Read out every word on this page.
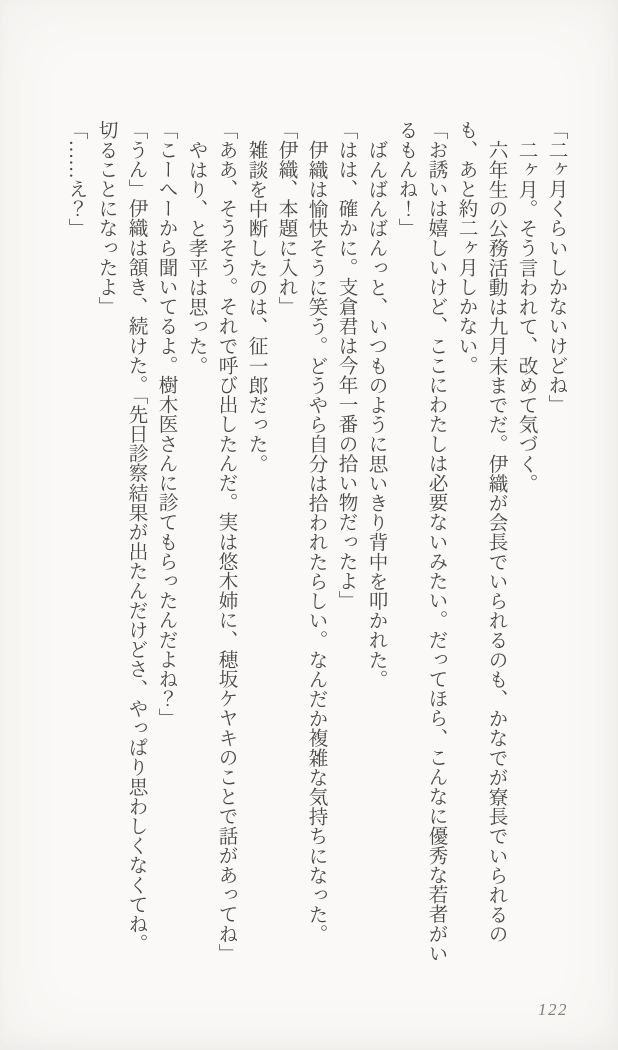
「二ヶ月くらいしかないけどね」

二ヶ月。そう言われて、改めて気づく。

六年生の公務活動は九月末までだ。伊織が会長でいられるのも、かなでが寮長でいられるのも、あと約二ヶ月しかない。

「お誘いは嬉しいけど、ここにわたしは必要ないみたい。だってほら、こんなに優秀な若者がいるもんね！」

ばんばんばんっと、いつものように思いきり背中を叩かれた。

「はは、確かに。支倉君は今年一番の拾い物だったよ」

伊織は愉快そうに笑う。どうやら自分は拾われたらしい。なんだか複雑な気持ちになった。

「伊織、本題に入れ」

雑談を中断したのは、征一郎だった。

「ああ、そうそう。それで呼び出したんだ。実は悠木姉に、穂坂ケヤキのことで話があってね」

やはり、と孝平は思った。

「こーへーから聞いてるよ。樹木医さんに診てもらったんだよね？」

「うん」伊織は頷き、続けた。「先日診察結果が出たんだけどさ、やっぱり思わしくなくてね。切ることになったよ」

「……え？」

122
